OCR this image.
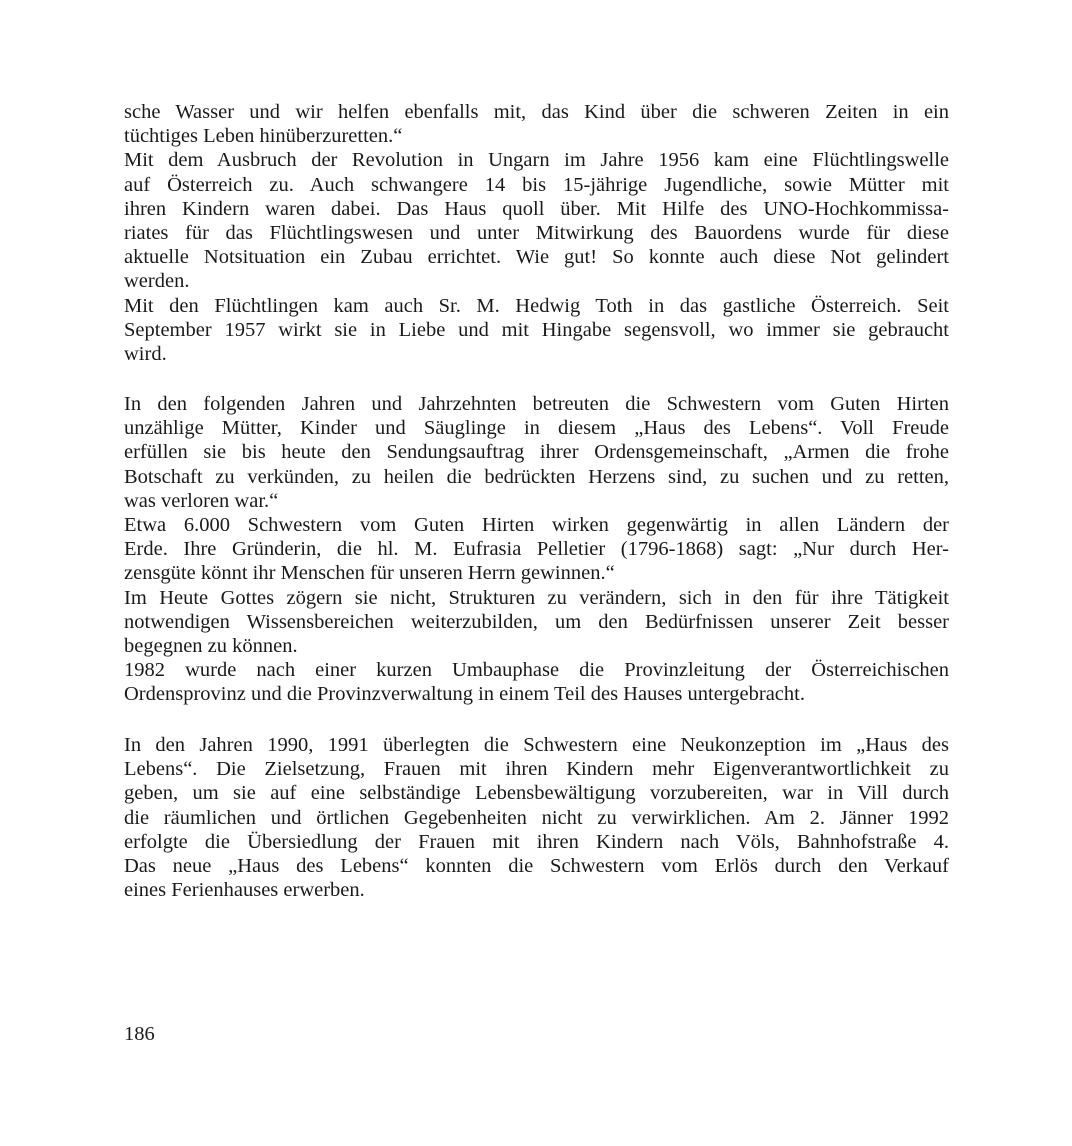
sche Wasser und wir helfen ebenfalls mit, das Kind über die schweren Zeiten in ein
tüchtiges Leben hinüberzuretten.“
Mit dem Ausbruch der Revolution in Ungarn im Jahre 1956 kam eine Flüchtlingswelle
auf Österreich zu. Auch schwangere 14 bis 15-jährige Jugendliche, sowie Mütter mit
ihren Kindern waren dabei. Das Haus quoll über. Mit Hilfe des UNO-Hochkommissa-
riates für das Flüchtlingswesen und unter Mitwirkung des Bauordens wurde für diese
aktuelle Notsituation ein Zubau errichtet. Wie gut! So konnte auch diese Not gelindert
werden.
Mit den Flüchtlingen kam auch Sr. M. Hedwig Toth in das gastliche Österreich. Seit
September 1957 wirkt sie in Liebe und mit Hingabe segensvoll, wo immer sie gebraucht
wird.
In den folgenden Jahren und Jahrzehnten betreuten die Schwestern vom Guten Hirten
unzählige Mütter, Kinder und Säuglinge in diesem „Haus des Lebens“. Voll Freude
erfüllen sie bis heute den Sendungsauftrag ihrer Ordensgemeinschaft, „Armen die frohe
Botschaft zu verkünden, zu heilen die bedrückten Herzens sind, zu suchen und zu retten,
was verloren war.“
Etwa 6.000 Schwestern vom Guten Hirten wirken gegenwärtig in allen Ländern der
Erde. Ihre Gründerin, die hl. M. Eufrasia Pelletier (1796-1868) sagt: „Nur durch Her-
zensgüte könnt ihr Menschen für unseren Herrn gewinnen.“
Im Heute Gottes zögern sie nicht, Strukturen zu verändern, sich in den für ihre Tätigkeit
notwendigen Wissensbereichen weiterzubilden, um den Bedürfnissen unserer Zeit besser
begegnen zu können.
1982 wurde nach einer kurzen Umbauphase die Provinzleitung der Österreichischen
Ordensprovinz und die Provinzverwaltung in einem Teil des Hauses untergebracht.
In den Jahren 1990, 1991 überlegten die Schwestern eine Neukonzeption im „Haus des
Lebens“. Die Zielsetzung, Frauen mit ihren Kindern mehr Eigenverantwortlichkeit zu
geben, um sie auf eine selbständige Lebensbewältigung vorzubereiten, war in Vill durch
die räumlichen und örtlichen Gegebenheiten nicht zu verwirklichen. Am 2. Jänner 1992
erfolgte die Übersiedlung der Frauen mit ihren Kindern nach Völs, Bahnhofstraße 4.
Das neue „Haus des Lebens“ konnten die Schwestern vom Erlös durch den Verkauf
eines Ferienhauses erwerben.
186
